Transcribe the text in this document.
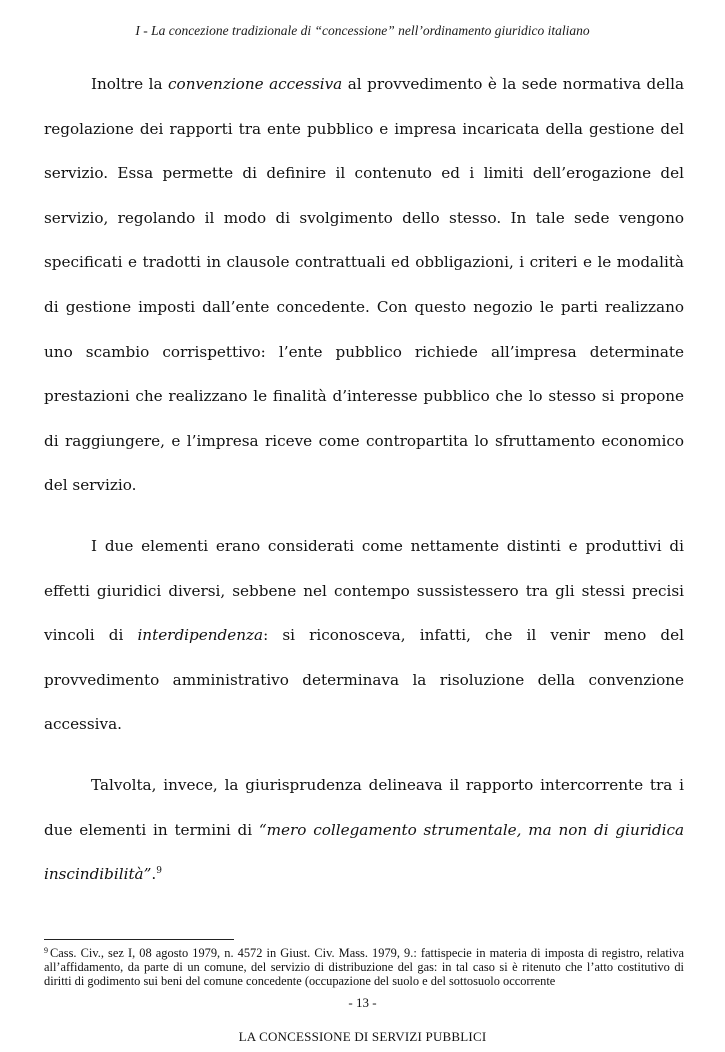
I - La concezione tradizionale di “concessione” nell’ordinamento giuridico italiano

Inoltre la convenzione accessiva al provvedimento è la sede normativa della regolazione dei rapporti tra ente pubblico e impresa incaricata della gestione del servizio. Essa permette di definire il contenuto ed i limiti dell’erogazione del servizio, regolando il modo di svolgimento dello stesso. In tale sede vengono specificati e tradotti in clausole contrattuali ed obbligazioni, i criteri e le modalità di gestione imposti dall’ente concedente. Con questo negozio le parti realizzano uno scambio corrispettivo: l’ente pubblico richiede all’impresa determinate prestazioni che realizzano le finalità d’interesse pubblico che lo stesso si propone di raggiungere, e l’impresa riceve come contropartita lo sfruttamento economico del servizio.

I due elementi erano considerati come nettamente distinti e produttivi di effetti giuridici diversi, sebbene nel contempo sussistessero tra gli stessi precisi vincoli di interdipendenza: si riconosceva, infatti, che il venir meno del provvedimento amministrativo determinava la risoluzione della convenzione accessiva.

Talvolta, invece, la giurisprudenza delineava il rapporto intercorrente tra i due elementi in termini di “mero collegamento strumentale, ma non di giuridica inscindibilità”.$^9$

$^9$ Cass. Civ., sez I, 08 agosto 1979, n. 4572 in Giust. Civ. Mass. 1979, 9.: fattispecie in materia di imposta di registro, relativa all’affidamento, da parte di un comune, del servizio di distribuzione del gas: in tal caso si è ritenuto che l’atto costitutivo di diritti di godimento sui beni del comune concedente (occupazione del suolo e del sottosuolo occorrente
- 13 -
LA CONCESSIONE DI SERVIZI PUBBLICI
